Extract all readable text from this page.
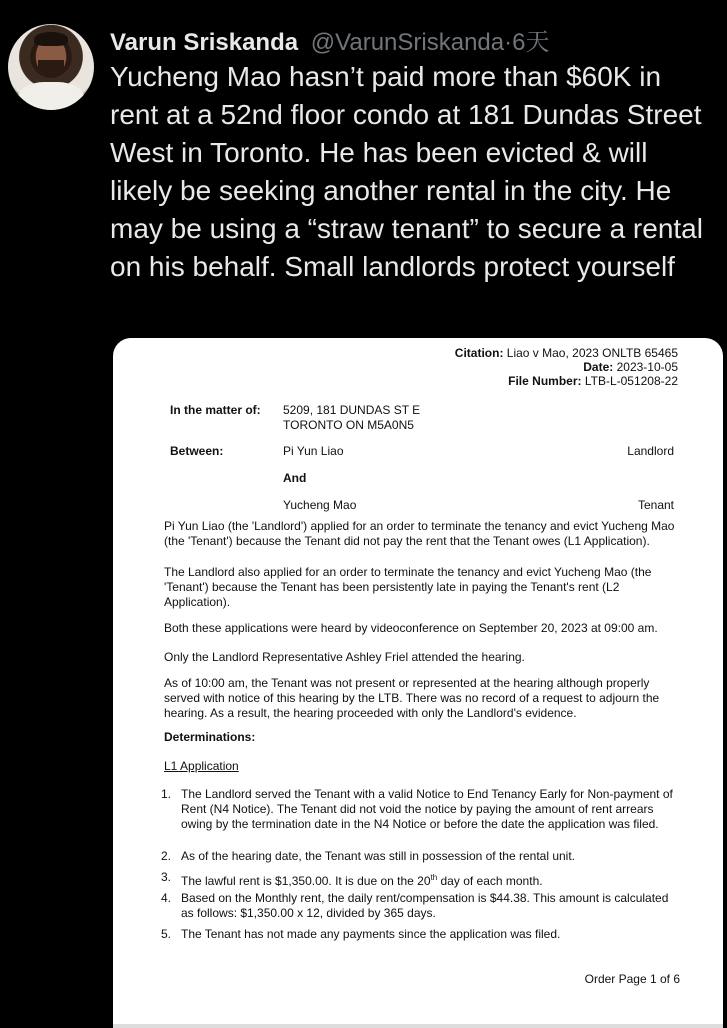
Varun Sriskanda @VarunSriskanda·6天
Yucheng Mao hasn’t paid more than $60K in rent at a 52nd floor condo at 181 Dundas Street West in Toronto. He has been evicted & will likely be seeking another rental in the city. He may be using a “straw tenant” to secure a rental on his behalf. Small landlords protect yourself
Citation: Liao v Mao, 2023 ONLTB 65465
Date: 2023-10-05
File Number: LTB-L-051208-22
In the matter of: 5209, 181 DUNDAS ST E
TORONTO ON M5A0N5
Between:	Pi Yun Liao	Landlord
And
Yucheng Mao	Tenant
Pi Yun Liao (the 'Landlord') applied for an order to terminate the tenancy and evict Yucheng Mao (the 'Tenant') because the Tenant did not pay the rent that the Tenant owes (L1 Application).
The Landlord also applied for an order to terminate the tenancy and evict Yucheng Mao (the 'Tenant') because the Tenant has been persistently late in paying the Tenant's rent (L2 Application).
Both these applications were heard by videoconference on September 20, 2023 at 09:00 am.
Only the Landlord Representative Ashley Friel attended the hearing.
As of 10:00 am, the Tenant was not present or represented at the hearing although properly served with notice of this hearing by the LTB. There was no record of a request to adjourn the hearing. As a result, the hearing proceeded with only the Landlord's evidence.
Determinations:
L1 Application
1. The Landlord served the Tenant with a valid Notice to End Tenancy Early for Non-payment of Rent (N4 Notice). The Tenant did not void the notice by paying the amount of rent arrears owing by the termination date in the N4 Notice or before the date the application was filed.
2. As of the hearing date, the Tenant was still in possession of the rental unit.
3. The lawful rent is $1,350.00. It is due on the 20th day of each month.
4. Based on the Monthly rent, the daily rent/compensation is $44.38. This amount is calculated as follows: $1,350.00 x 12, divided by 365 days.
5. The Tenant has not made any payments since the application was filed.
Order Page 1 of 6
